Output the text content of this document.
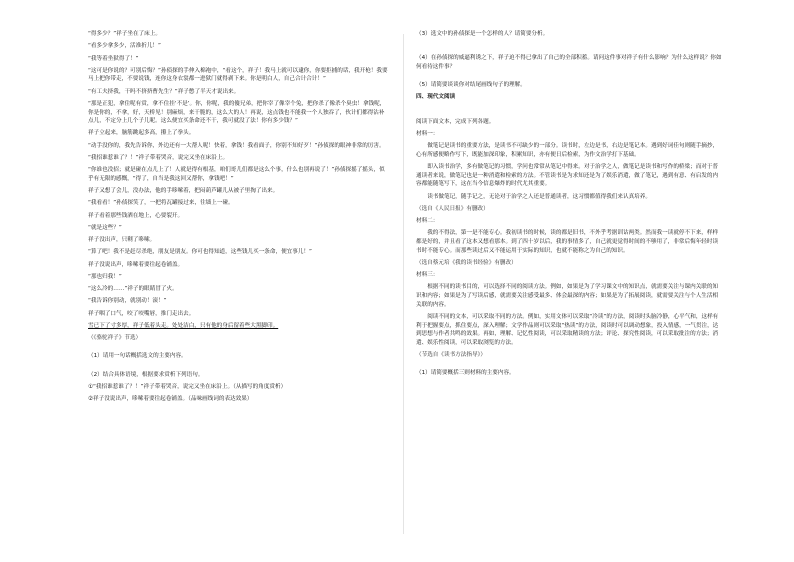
“得多少？”祥子坐在了床上。

“看多少拿多少，活准折儿！”

“我等着坐狱得了！”

“这可是你说的？可别后悔？”孙侦探的手伸入棉袍中，“看这个，祥子！我马上就可以逮你，你要拒捕的话，我开枪！我要马上把你带走，不要说钱，连你这身衣裳都一进狱门就得剥下来。你是明白人，自己合计合计！”

“有工夫挤我，干吗不挤挤曹先生？”祥子憋了半天才说出来。

“那是正犯，拿住呢有赏，拿不住挂‘不是’。你，你呢，我的傻兄弟，把你宰了像宰个兔，把你杀了像杀个臭虫！拿钱呢，你是你的，不拿，好，天桥见！别麻烦，来干脆的，这么大的人！再说，这点钱也不能我一个人独吞了，伙计们都得沾补点儿，不定分上几个子儿呢。这么便宜买条命还不干，我可就没了法！你有多少钱？”

祥子立起来，脑筋跳起多高，攥上了拳头。

“动手没你的，我先告诉你，外边还有一大帮人呢！快着，拿钱！我看面子，你别不知好歹！”孙侦探的眼神非常的厉害。

“我招谁惹谁了？！”祥子带着哭音，说完又坐在床沿上。

“你谁也没招；就是碰在点儿上了！人就是得有根基，咱们哥儿们都是这么个事，什么也别再说了！”孙侦探摇了摇头，似乎有无限的感慨，“得了，自当是我这回又帮你，拿钱吧！”

祥子又想了会儿，没办法，他的手哆嗦着，把闷葫芦罐儿从被子里掏了出来。

“我看看！”孙侦探笑了，一把将瓦罐接过来，往墙上一碰。

祥子看着那些钱洒在地上，心要裂开。

“就是这些？”

祥子没出声，只剩了哆嗦。

“算了吧！我不是赶尽杀绝，朋友是朋友。你可也得知道，这些钱儿买一条命，便宜事儿！”

祥子没说出声，哆嗦着要往起卷铺盖。

“那也归我！”

“这么冷的……”祥子的眼睛冒了火。

“我告诉你别动，就别动！滚！”

祥子咽了口气，咬了咬嘴唇，推门走出去。

雪已下了寸多厚，祥子低着头走。处处洁白，只有他的身后留着些大黑脚印。

（《骆驼祥子》节选）

（1）请用一句话概括选文的主要内容。

（2）结合具体语境，根据要求赏析下列语句。

①“我招谁惹谁了？！”祥子带着哭音，说完又坐在床沿上。（从描写的角度赏析）

②祥子没说出声，哆嗦着要往起卷铺盖。（品味画线词的表达效果）

（3）选文中的孙侦探是一个怎样的人？请简要分析。

（4）在孙侦探的威逼利诱之下，祥子迫不得已拿出了自己的全部积蓄。请问这件事对祥子有什么影响？为什么这样说？你如何看待这件事？

（5）请简要谈谈你对结尾画线句子的理解。

四、现代文阅读

阅读下面文本，完成下列各题。

材料一：

做笔记是读书的重要方法，是读书不可缺少的一部分。读书时，左边是书，右边是笔记本。遇到好词佳句则随手摘抄，心有所感便略作写下，既能加深印象，积累知识，亦有便日后检索，为作文治学打下基础。

即入读书治学，多有做笔记的习惯，学问也常常从笔记中得来。对于治学之人，做笔记是读书和写作的桥梁；而对于普通读者来说，做笔记也是一种消遣和检索的方法。不管读书是为求知还是为了娱乐消遣，做了笔记，遇到有意、有启发的内容都能随笔写下，这在当今信息爆炸的时代尤其重要。

读书做笔记，随手记之，无论对于治学之人还是普通读者，这习惯都值得我们来认真培养。

（选自《人民日报》有删改）

材料二：

我的不得法，第一是不能专心。我初读书的时候，读的都是旧书，不外乎考据训诂两类。然而我一读就停不下来，样样都是好的，并且看了这本又想看那本。到了四十岁以后，我的事情多了，自己就更觉得时间的不够用了，非常后悔年轻时读书时不能专心。而那些读过后又不能运用于实际的知识，也就不能称之为自己的知识。

（选自蔡元培《我的读书经验》有删改）

材料三：

根据不同的读书目的，可以选择不同的阅读方法。例如，如果是为了学习课文中的知识点，就需要关注与课内关联的知识和内容；如果是为了写读后感，就需要关注感受最多、体会最深的内容；如果是为了拓展阅读，就需要关注与个人生活相关联的内容。

阅读不同的文本，可以采取不同的方法。例如，实用文体可以采取“冷读”的方法，阅读时头脑冷静，心平气和，这样有利于把握要点，抓住要点，深入理解；文学作品则可以采取“热读”的方法，阅读时可以调动想象，投入情感，一气贯注，达到思想与作者共鸣的效果。再如，理解、记忆性阅读，可以采取精读的方法；评论、探究性阅读，可以采取批注的方法；消遣、娱乐性阅读，可以采取浏览的方法。

（节选自《读书方法指导》）

（1）请简要概括三则材料的主要内容。
